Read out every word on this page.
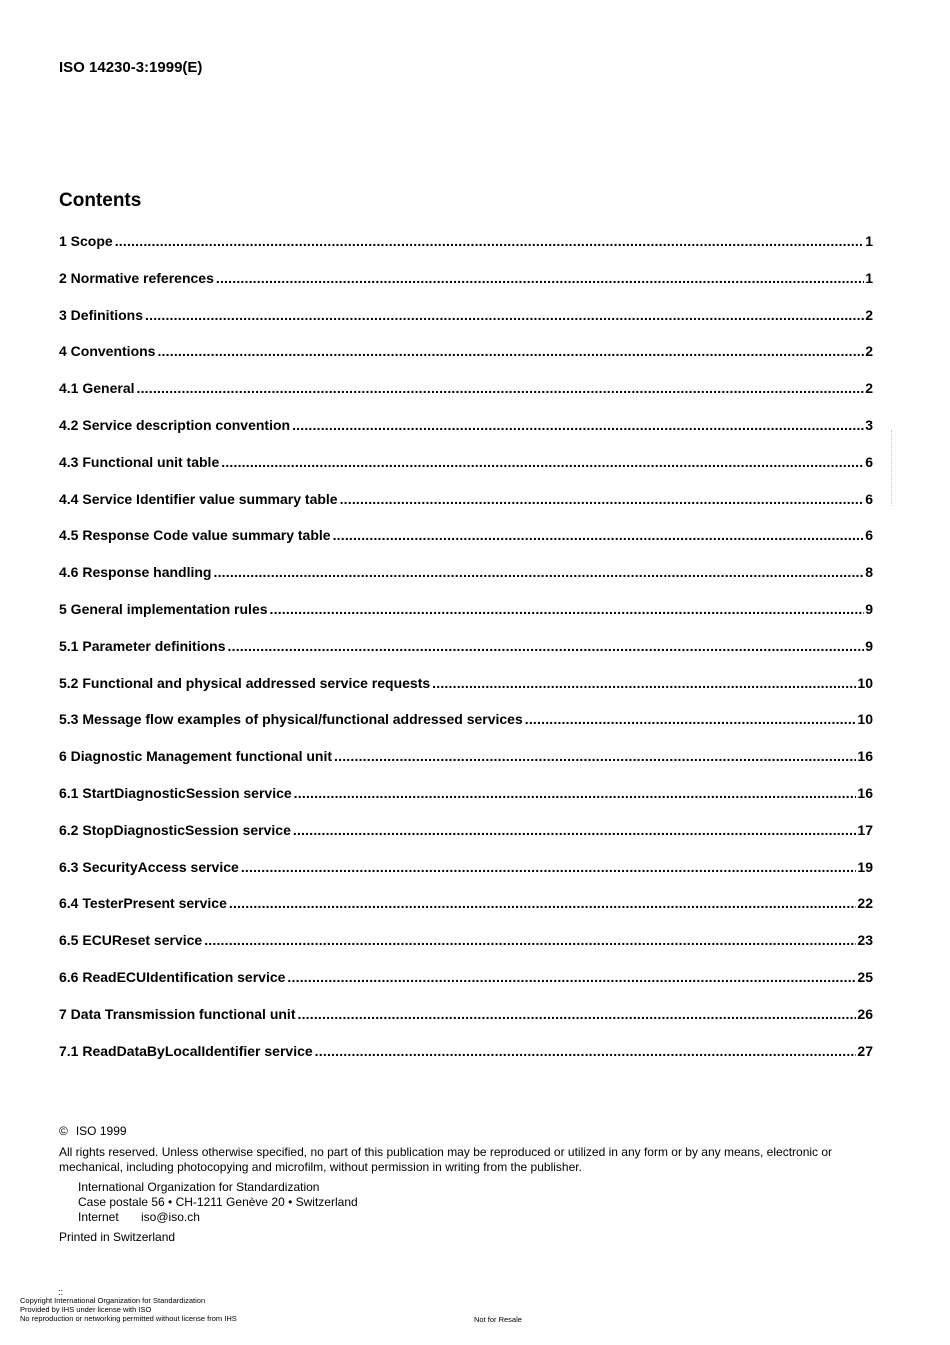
ISO 14230-3:1999(E)
Contents
1 Scope .....	1
2 Normative references .....	1
3 Definitions .....	2
4 Conventions .....	2
4.1 General .....	2
4.2 Service description convention .....	3
4.3 Functional unit table .....	6
4.4 Service Identifier value summary table .....	6
4.5 Response Code value summary table .....	6
4.6 Response handling .....	8
5 General implementation rules .....	9
5.1 Parameter definitions .....	9
5.2 Functional and physical addressed service requests .....	10
5.3 Message flow examples of physical/functional addressed services .....	10
6 Diagnostic Management functional unit .....	16
6.1 StartDiagnosticSession service .....	16
6.2 StopDiagnosticSession service .....	17
6.3 SecurityAccess service .....	19
6.4 TesterPresent service .....	22
6.5 ECUReset service .....	23
6.6 ReadECUIdentification service .....	25
7 Data Transmission functional unit .....	26
7.1 ReadDataByLocalIdentifier service .....	27
© ISO 1999
All rights reserved. Unless otherwise specified, no part of this publication may be reproduced or utilized in any form or by any means, electronic or mechanical, including photocopying and microfilm, without permission in writing from the publisher.
International Organization for Standardization
Case postale 56 • CH-1211 Genève 20 • Switzerland
Internet iso@iso.ch
Printed in Switzerland
::
Copyright International Organization for Standardization
Provided by IHS under license with ISO
No reproduction or networking permitted without license from IHS	Not for Resale
